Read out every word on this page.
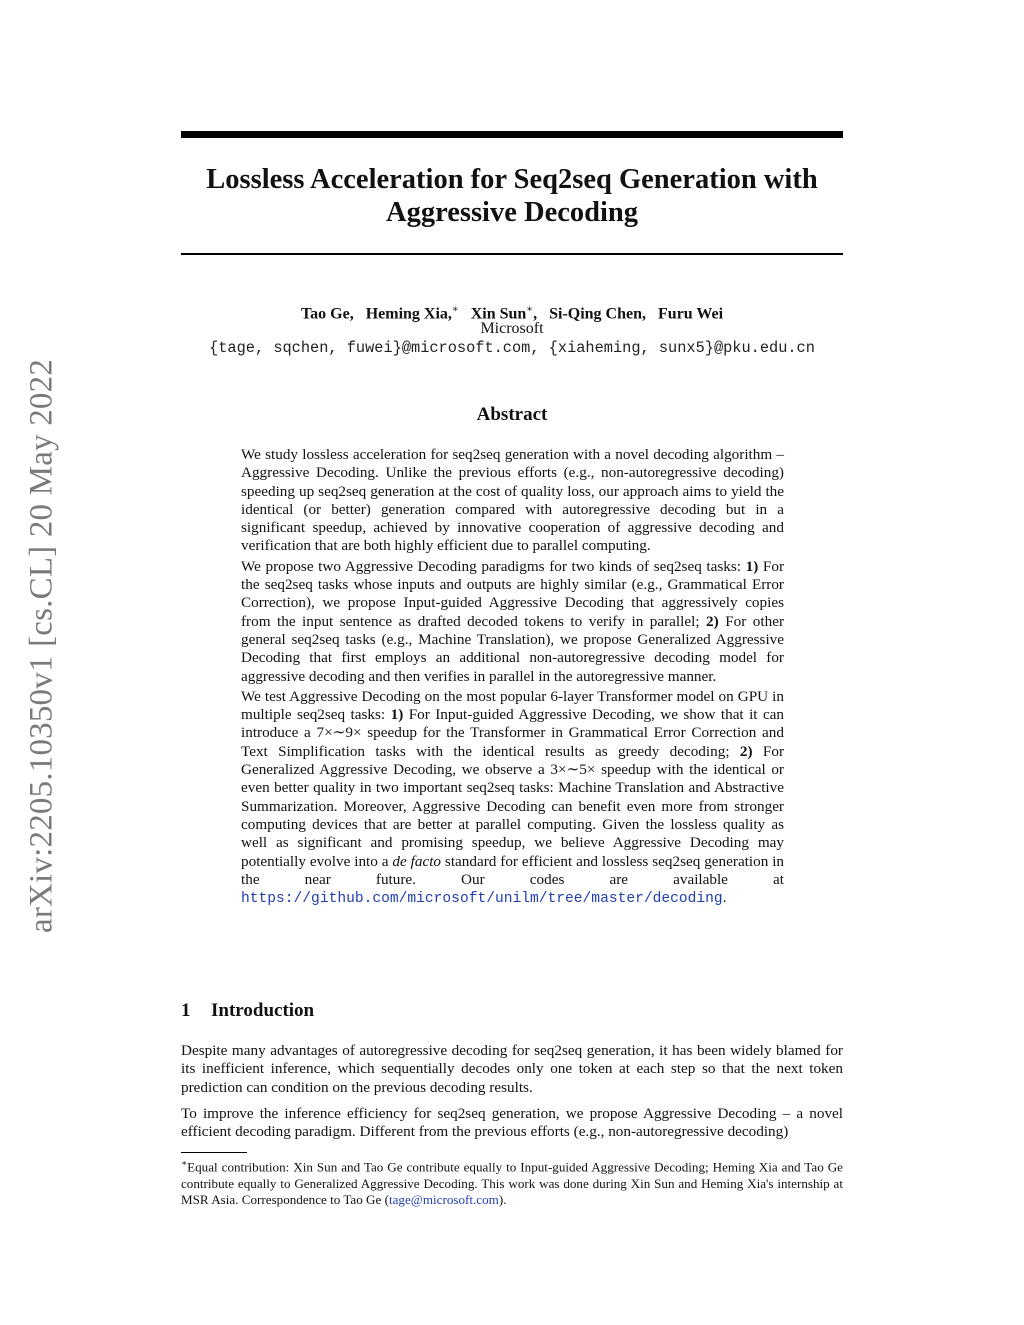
arXiv:2205.10350v1 [cs.CL] 20 May 2022
Lossless Acceleration for Seq2seq Generation with Aggressive Decoding
Tao Ge, Heming Xia,∗ Xin Sun∗, Si-Qing Chen, Furu Wei
Microsoft
{tage, sqchen, fuwei}@microsoft.com, {xiaheming, sunx5}@pku.edu.cn
Abstract

We study lossless acceleration for seq2seq generation with a novel decoding algorithm – Aggressive Decoding. Unlike the previous efforts (e.g., non-autoregressive decoding) speeding up seq2seq generation at the cost of quality loss, our approach aims to yield the identical (or better) generation compared with autoregressive decoding but in a significant speedup, achieved by innovative cooperation of aggressive decoding and verification that are both highly efficient due to parallel computing.

We propose two Aggressive Decoding paradigms for two kinds of seq2seq tasks: 1) For the seq2seq tasks whose inputs and outputs are highly similar (e.g., Grammatical Error Correction), we propose Input-guided Aggressive Decoding that aggressively copies from the input sentence as drafted decoded tokens to verify in parallel; 2) For other general seq2seq tasks (e.g., Machine Translation), we propose Generalized Aggressive Decoding that first employs an additional non-autoregressive decoding model for aggressive decoding and then verifies in parallel in the autoregressive manner.

We test Aggressive Decoding on the most popular 6-layer Transformer model on GPU in multiple seq2seq tasks: 1) For Input-guided Aggressive Decoding, we show that it can introduce a 7×∼9× speedup for the Transformer in Grammatical Error Correction and Text Simplification tasks with the identical results as greedy decoding; 2) For Generalized Aggressive Decoding, we observe a 3×∼5× speedup with the identical or even better quality in two important seq2seq tasks: Machine Translation and Abstractive Summarization. Moreover, Aggressive Decoding can benefit even more from stronger computing devices that are better at parallel computing. Given the lossless quality as well as significant and promising speedup, we believe Aggressive Decoding may potentially evolve into a de facto standard for efficient and lossless seq2seq generation in the near future. Our codes are available at https://github.com/microsoft/unilm/tree/master/decoding.

1 Introduction

Despite many advantages of autoregressive decoding for seq2seq generation, it has been widely blamed for its inefficient inference, which sequentially decodes only one token at each step so that the next token prediction can condition on the previous decoding results.

To improve the inference efficiency for seq2seq generation, we propose Aggressive Decoding – a novel efficient decoding paradigm. Different from the previous efforts (e.g., non-autoregressive decoding)

∗Equal contribution: Xin Sun and Tao Ge contribute equally to Input-guided Aggressive Decoding; Heming Xia and Tao Ge contribute equally to Generalized Aggressive Decoding. This work was done during Xin Sun and Heming Xia's internship at MSR Asia. Correspondence to Tao Ge (tage@microsoft.com).
